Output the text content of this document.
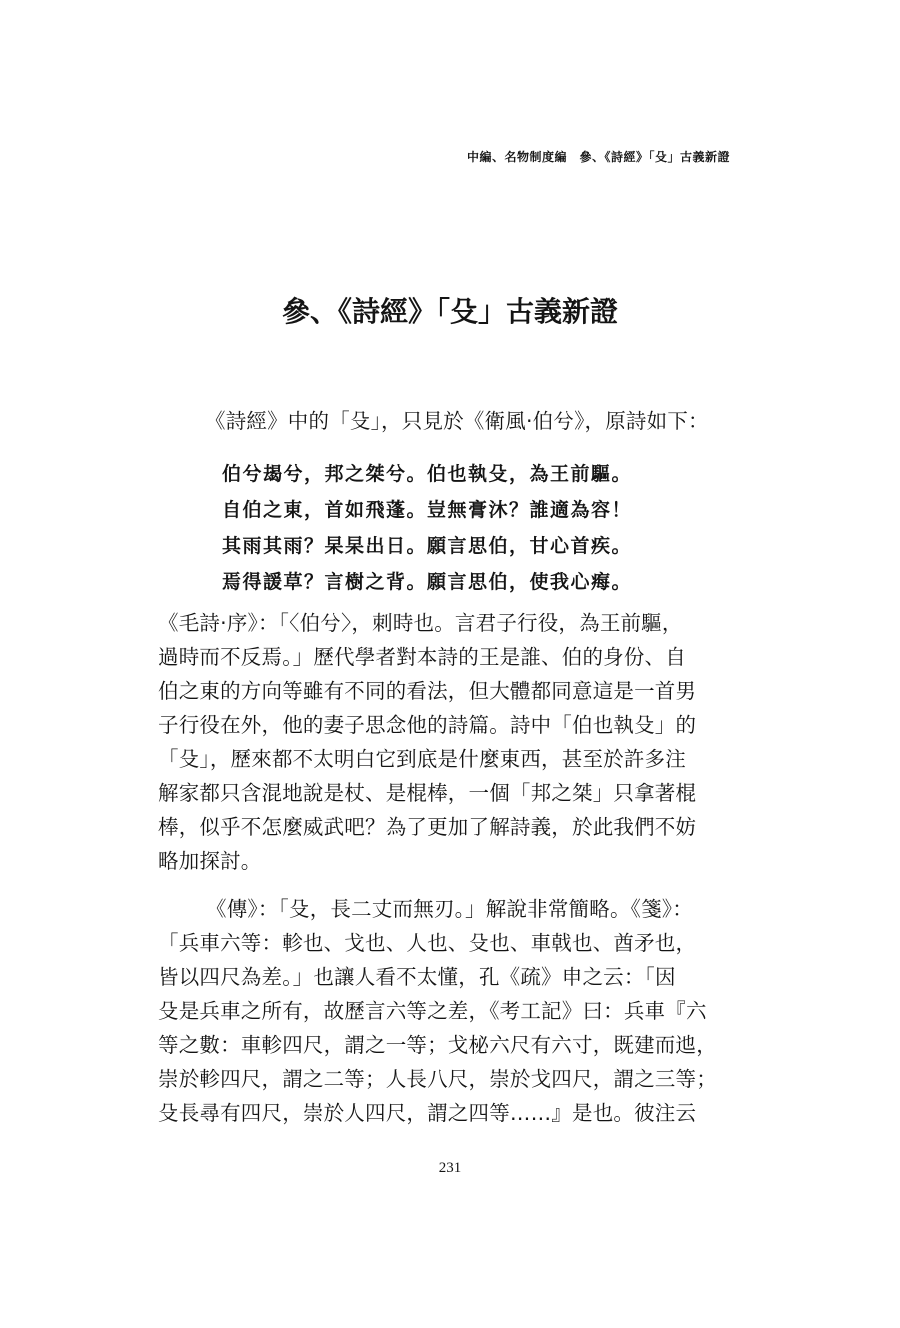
中編、名物制度編　參、《詩經》「殳」古義新證
參、《詩經》「殳」古義新證
《詩經》中的「殳」，只見於《衛風‧伯兮》，原詩如下：
伯兮朅兮，邦之桀兮。伯也執殳，為王前驅。
自伯之東，首如飛蓬。豈無膏沐？誰適為容！
其雨其雨？杲杲出日。願言思伯，甘心首疾。
焉得諼草？言樹之背。願言思伯，使我心痗。
《毛詩‧序》：「〈伯兮〉，刺時也。言君子行役，為王前驅，
過時而不反焉。」歷代學者對本詩的王是誰、伯的身份、自
伯之東的方向等雖有不同的看法，但大體都同意這是一首男
子行役在外，他的妻子思念他的詩篇。詩中「伯也執殳」的
「殳」，歷來都不太明白它到底是什麼東西，甚至於許多注
解家都只含混地說是杖、是棍棒，一個「邦之桀」只拿著棍
棒，似乎不怎麼威武吧？為了更加了解詩義，於此我們不妨
略加探討。
《傳》：「殳，長二丈而無刃。」解說非常簡略。《箋》：
「兵車六等：軫也、戈也、人也、殳也、車戟也、酋矛也，
皆以四尺為差。」也讓人看不太懂，孔《疏》申之云：「因
殳是兵車之所有，故歷言六等之差，《考工記》曰：兵車『六
等之數：車軫四尺，謂之一等；戈柲六尺有六寸，既建而迆，
崇於軫四尺，謂之二等；人長八尺，崇於戈四尺，謂之三等；
殳長尋有四尺，崇於人四尺，謂之四等……』是也。彼注云
231
